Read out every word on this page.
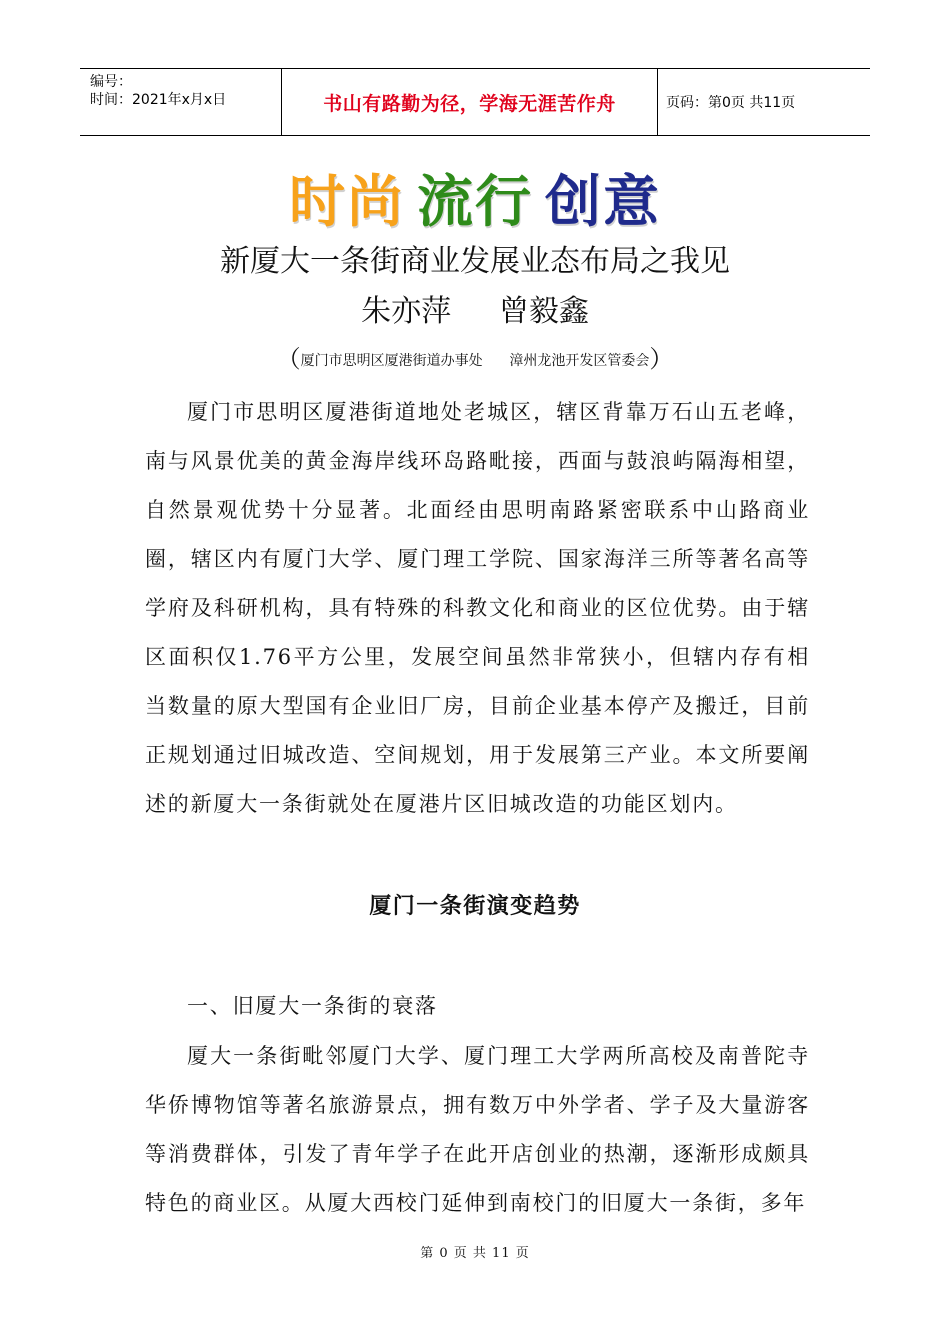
编号：
时间：2021年x月x日	书山有路勤为径，学海无涯苦作舟	页码：第0页 共11页
时尚 流行 创意
新厦大一条街商业发展业态布局之我见
朱亦萍     曾毅鑫
（厦门市思明区厦港街道办事处      漳州龙池开发区管委会）

厦门市思明区厦港街道地处老城区，辖区背靠万石山五老峰，南与风景优美的黄金海岸线环岛路毗接，西面与鼓浪屿隔海相望，自然景观优势十分显著。北面经由思明南路紧密联系中山路商业圈，辖区内有厦门大学、厦门理工学院、国家海洋三所等著名高等学府及科研机构，具有特殊的科教文化和商业的区位优势。由于辖区面积仅1.76平方公里，发展空间虽然非常狭小，但辖内存有相当数量的原大型国有企业旧厂房，目前企业基本停产及搬迁，目前正规划通过旧城改造、空间规划，用于发展第三产业。本文所要阐述的新厦大一条街就处在厦港片区旧城改造的功能区划内。

厦门一条街演变趋势
一、旧厦大一条街的衰落

厦大一条街毗邻厦门大学、厦门理工大学两所高校及南普陀寺华侨博物馆等著名旅游景点，拥有数万中外学者、学子及大量游客等消费群体，引发了青年学子在此开店创业的热潮，逐渐形成颇具特色的商业区。从厦大西校门延伸到南校门的旧厦大一条街，多年

第 0 页 共 11 页
